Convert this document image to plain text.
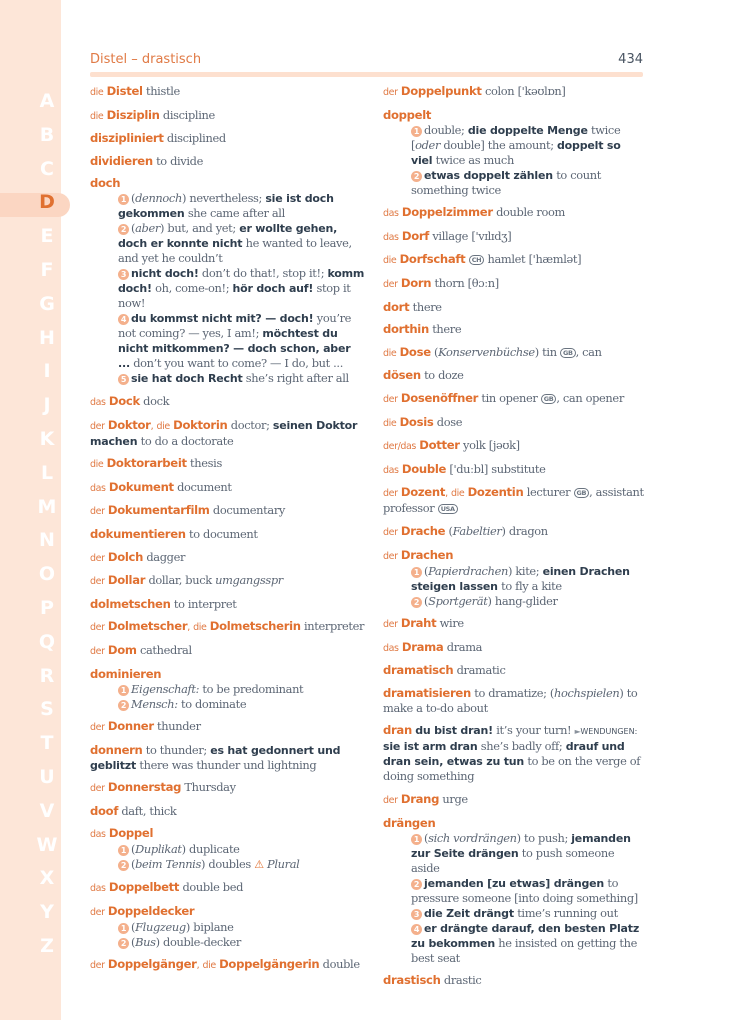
A
B
C
D
E
F
G
H
I
J
K
L
M
N
O
P
Q
R
S
T
U
V
W
X
Y
Z
Distel – drastisch	434
die Distel thistle
die Disziplin discipline
diszipliniert disciplined
dividieren to divide
doch
1 (dennoch) nevertheless; sie ist doch gekommen she came after all
2 (aber) but, and yet; er wollte gehen, doch er konnte nicht he wanted to leave, and yet he couldn’t
3 nicht doch! don’t do that!, stop it!; komm doch! oh, come-on!; hör doch auf! stop it now!
4 du kommst nicht mit? — doch! you’re not coming? — yes, I am!; möchtest du nicht mitkommen? — doch schon, aber ... don’t you want to come? — I do, but ...
5 sie hat doch Recht she’s right after all
das Dock dock
der Doktor, die Doktorin doctor; seinen Doktor machen to do a doctorate
die Doktorarbeit thesis
das Dokument document
der Dokumentarfilm documentary
dokumentieren to document
der Dolch dagger
der Dollar dollar, buck umgangsspr
dolmetschen to interpret
der Dolmetscher, die Dolmetscherin interpreter
der Dom cathedral
dominieren
1 Eigenschaft: to be predominant
2 Mensch: to dominate
der Donner thunder
donnern to thunder; es hat gedonnert und geblitzt there was thunder und lightning
der Donnerstag Thursday
doof daft, thick
das Doppel
1 (Duplikat) duplicate
2 (beim Tennis) doubles ⚠ Plural
das Doppelbett double bed
der Doppeldecker
1 (Flugzeug) biplane
2 (Bus) double-decker
der Doppelgänger, die Doppelgängerin double
der Doppelpunkt colon ['kəʊlɒn]
doppelt
1 double; die doppelte Menge twice [oder double] the amount; doppelt so viel twice as much
2 etwas doppelt zählen to count something twice
das Doppelzimmer double room
das Dorf village ['vɪlɪdʒ]
die Dorfschaft CH hamlet ['hæmlət]
der Dorn thorn [θɔːn]
dort there
dorthin there
die Dose (Konservenbüchse) tin GB , can
dösen to doze
der Dosenöffner tin opener GB , can opener
die Dosis dose
der/das Dotter yolk [jəʊk]
das Double ['duːbl] substitute
der Dozent, die Dozentin lecturer GB , assistant professor USA
der Drache (Fabeltier) dragon
der Drachen
1 (Papierdrachen) kite; einen Drachen steigen lassen to fly a kite
2 (Sportgerät) hang-glider
der Draht wire
das Drama drama
dramatisch dramatic
dramatisieren to dramatize; (hochspielen) to make a to-do about
dran du bist dran! it’s your turn! ►WENDUNGEN: sie ist arm dran she’s badly off; drauf und dran sein, etwas zu tun to be on the verge of doing something
der Drang urge
drängen
1 (sich vordrängen) to push; jemanden zur Seite drängen to push someone aside
2 jemanden [zu etwas] drängen to pressure someone [into doing something]
3 die Zeit drängt time’s running out
4 er drängte darauf, den besten Platz zu bekommen he insisted on getting the best seat
drastisch drastic
